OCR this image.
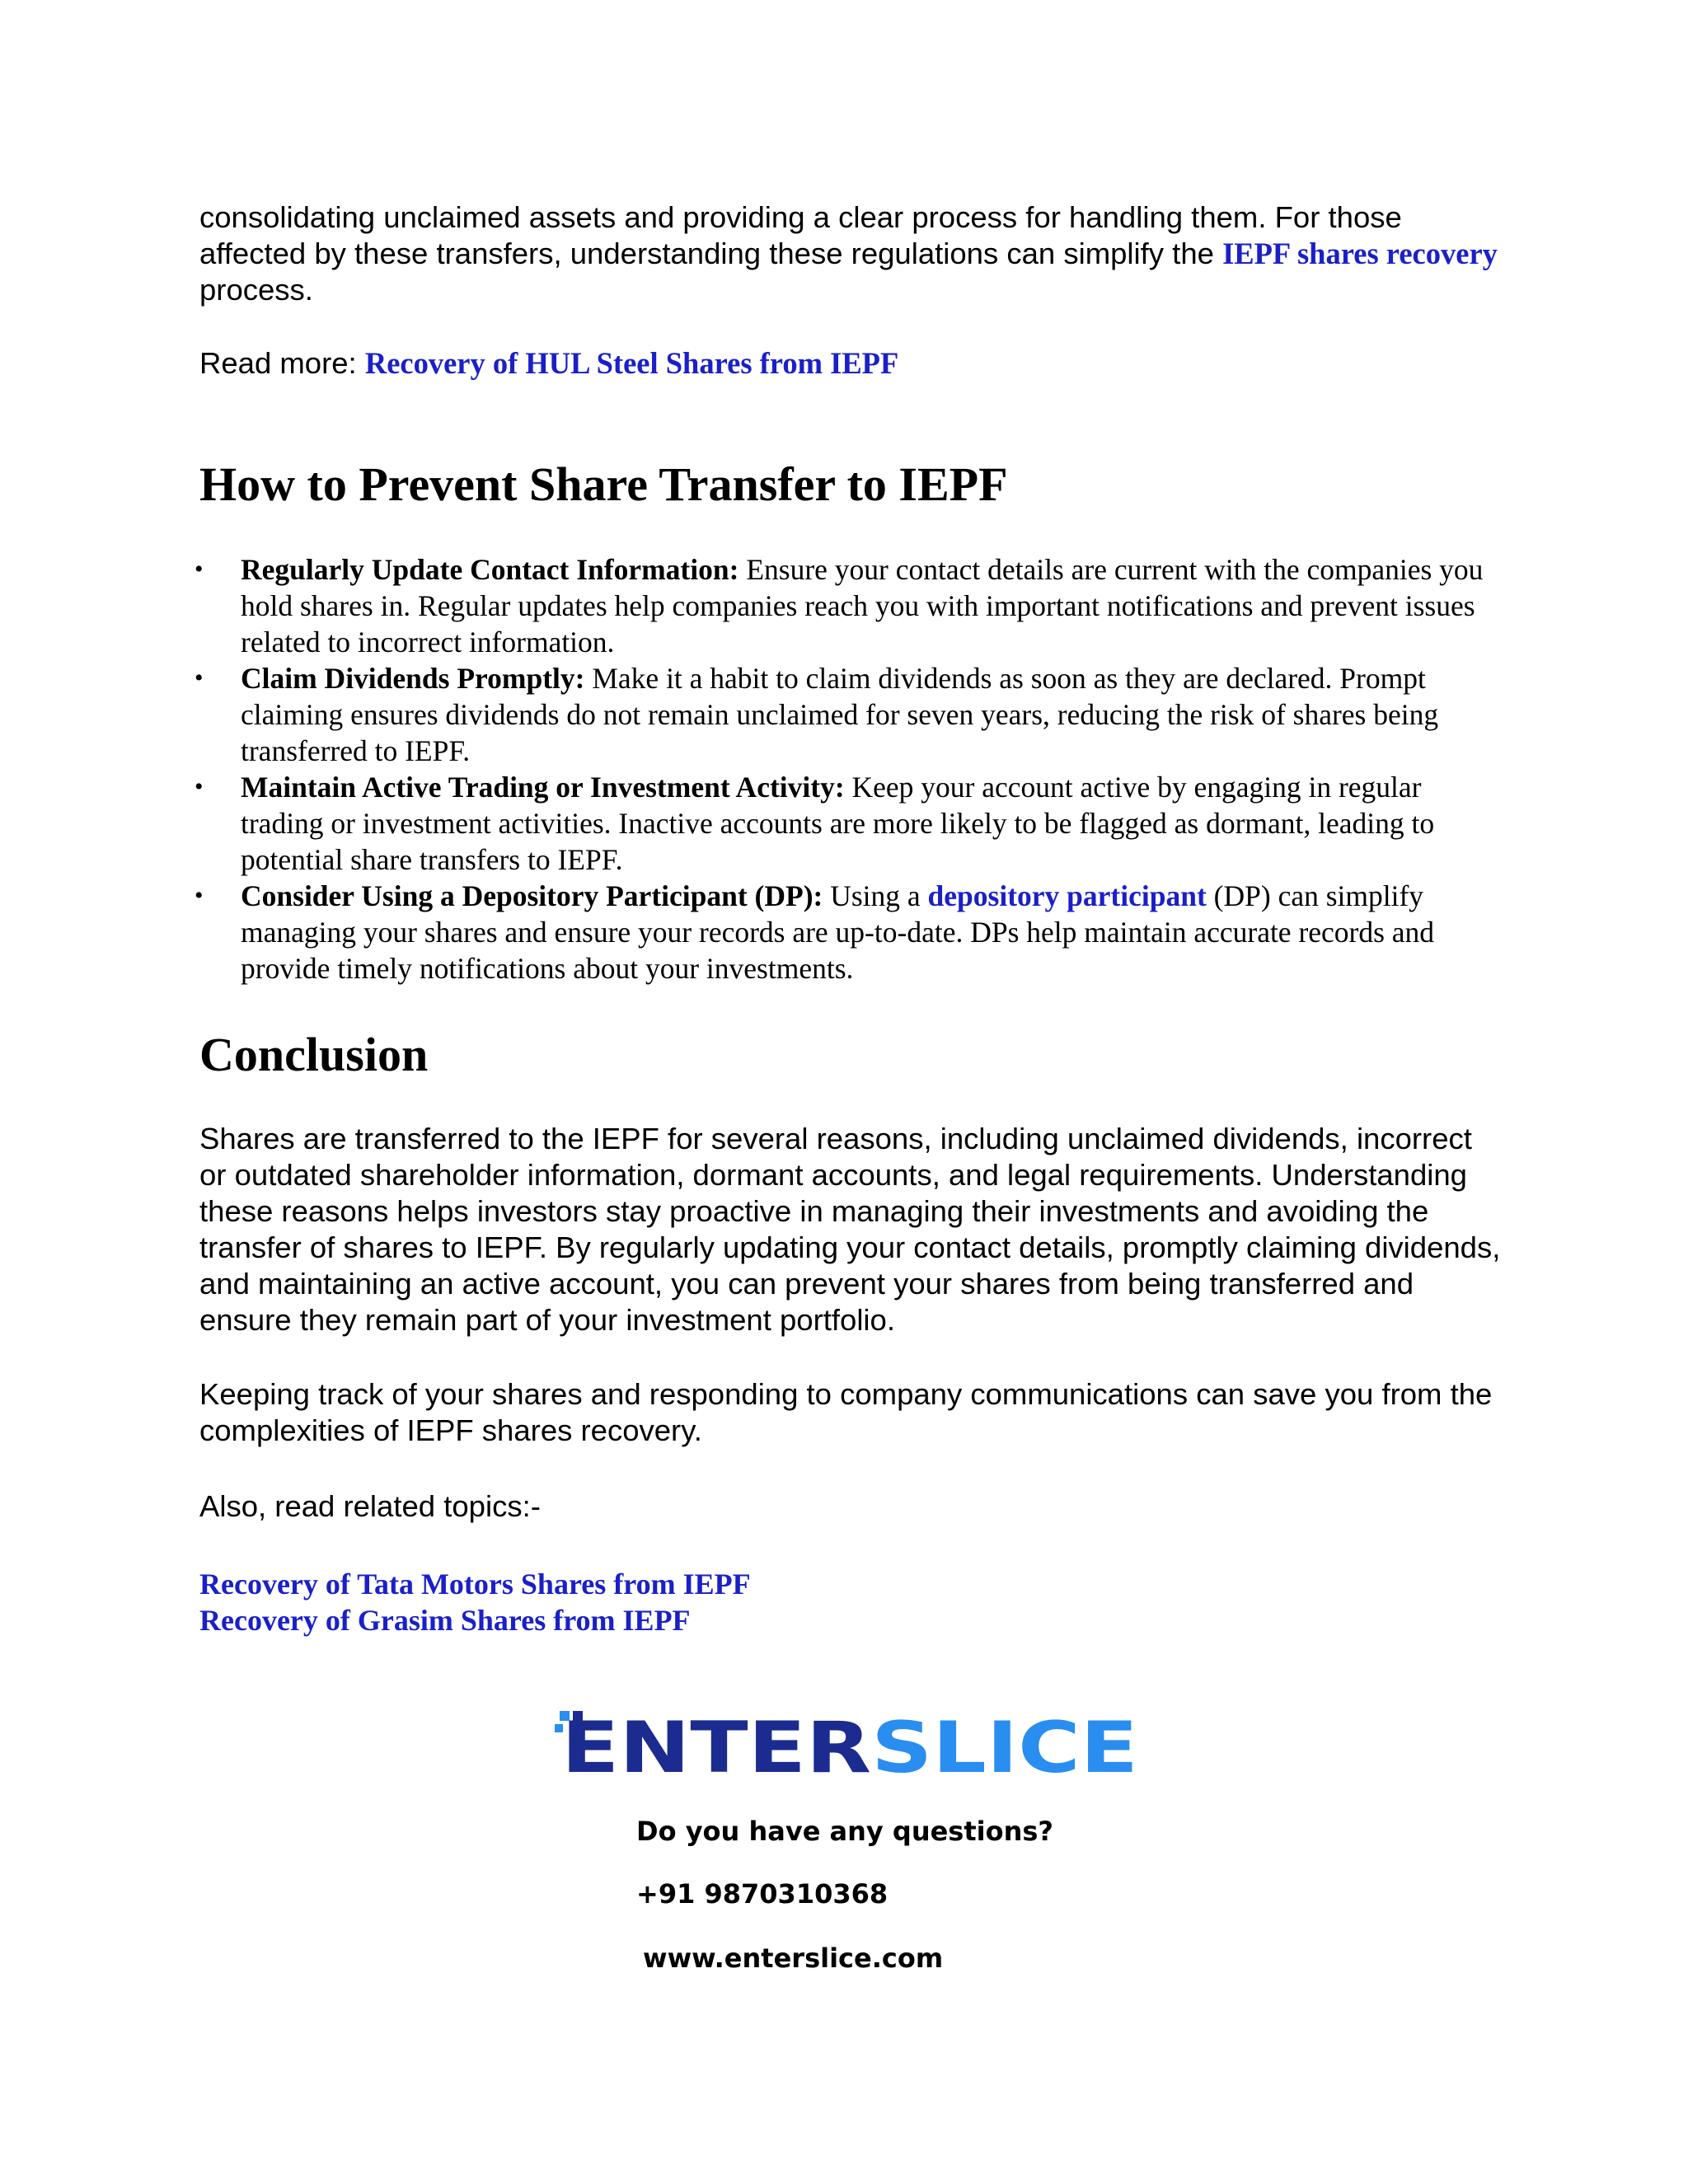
consolidating unclaimed assets and providing a clear process for handling them. For those affected by these transfers, understanding these regulations can simplify the IEPF shares recovery process.

Read more: Recovery of HUL Steel Shares from IEPF

How to Prevent Share Transfer to IEPF
• Regularly Update Contact Information: Ensure your contact details are current with the companies you hold shares in. Regular updates help companies reach you with important notifications and prevent issues related to incorrect information.
• Claim Dividends Promptly: Make it a habit to claim dividends as soon as they are declared. Prompt claiming ensures dividends do not remain unclaimed for seven years, reducing the risk of shares being transferred to IEPF.
• Maintain Active Trading or Investment Activity: Keep your account active by engaging in regular trading or investment activities. Inactive accounts are more likely to be flagged as dormant, leading to potential share transfers to IEPF.
• Consider Using a Depository Participant (DP): Using a depository participant (DP) can simplify managing your shares and ensure your records are up-to-date. DPs help maintain accurate records and provide timely notifications about your investments.
Conclusion

Shares are transferred to the IEPF for several reasons, including unclaimed dividends, incorrect or outdated shareholder information, dormant accounts, and legal requirements. Understanding these reasons helps investors stay proactive in managing their investments and avoiding the transfer of shares to IEPF. By regularly updating your contact details, promptly claiming dividends, and maintaining an active account, you can prevent your shares from being transferred and ensure they remain part of your investment portfolio.

Keeping track of your shares and responding to company communications can save you from the complexities of IEPF shares recovery.

Also, read related topics:-

Recovery of Tata Motors Shares from IEPF
Recovery of Grasim Shares from IEPF
ENTER SLICE

Do you have any questions?

+91 9870310368

www.enterslice.com
